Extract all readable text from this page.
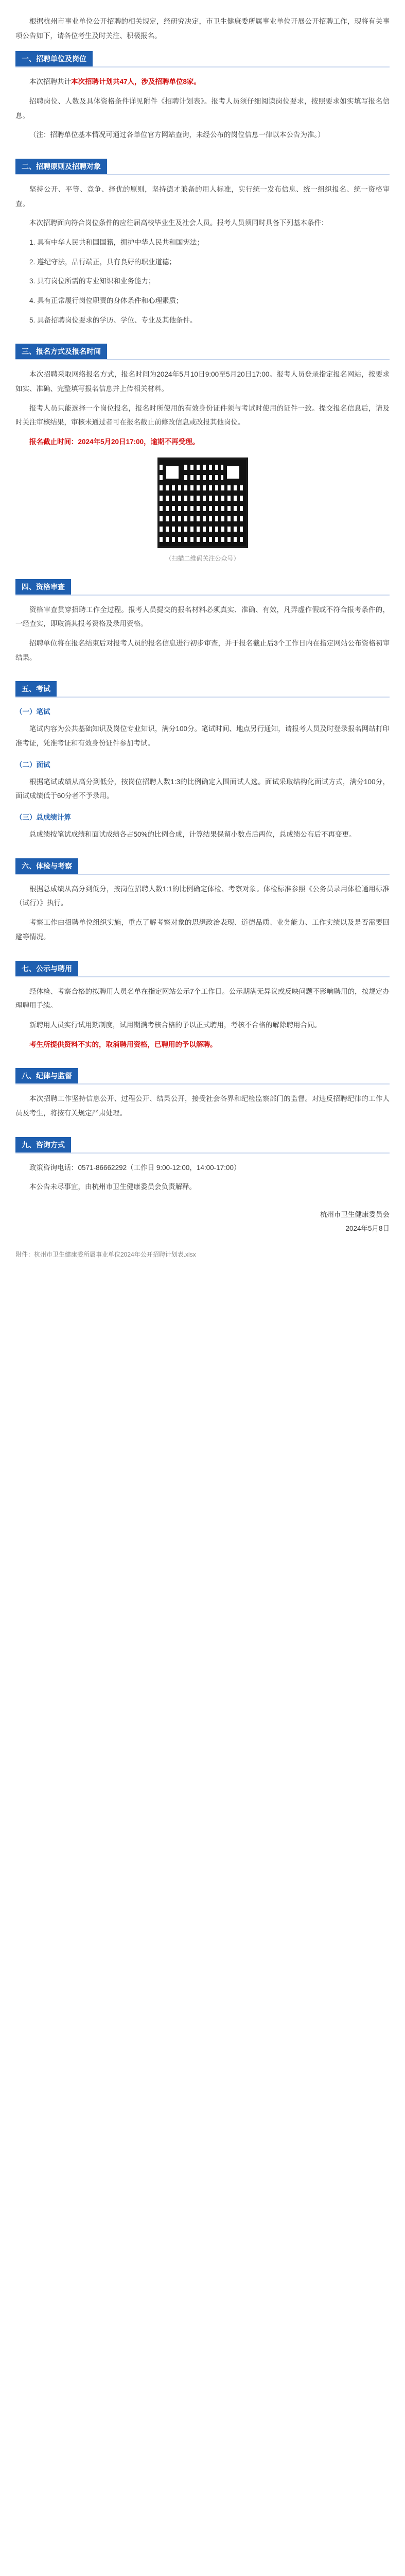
根据杭州市事业单位公开招聘的相关规定，经研究决定，市卫生健康委所属事业单位开展公开招聘工作，现将有关事项公告如下，请各位考生及时关注、积极报名。

一、招聘单位及岗位

本次招聘共计本次招聘计划共47人，涉及招聘单位8家。

招聘岗位、人数及具体资格条件详见附件《招聘计划表》。报考人员须仔细阅读岗位要求，按照要求如实填写报名信息。

（注：招聘单位基本情况可通过各单位官方网站查询，未经公布的岗位信息一律以本公告为准。）

二、招聘原则及招聘对象

坚持公开、平等、竞争、择优的原则，坚持德才兼备的用人标准，实行统一发布信息、统一组织报名、统一资格审查。

本次招聘面向符合岗位条件的应往届高校毕业生及社会人员。报考人员须同时具备下列基本条件：

1. 具有中华人民共和国国籍，拥护中华人民共和国宪法；

2. 遵纪守法，品行端正，具有良好的职业道德；

3. 具有岗位所需的专业知识和业务能力；

4. 具有正常履行岗位职责的身体条件和心理素质；

5. 具备招聘岗位要求的学历、学位、专业及其他条件。

三、报名方式及报名时间

本次招聘采取网络报名方式，报名时间为2024年5月10日9:00至5月20日17:00。报考人员登录指定报名网站，按要求如实、准确、完整填写报名信息并上传相关材料。

报考人员只能选择一个岗位报名，报名时所使用的有效身份证件须与考试时使用的证件一致。提交报名信息后，请及时关注审核结果，审核未通过者可在报名截止前修改信息或改报其他岗位。

报名截止时间：2024年5月20日17:00，逾期不再受理。

（扫描二维码关注公众号）
四、资格审查

资格审查贯穿招聘工作全过程。报考人员提交的报名材料必须真实、准确、有效，凡弄虚作假或不符合报考条件的，一经查实，即取消其报考资格及录用资格。

招聘单位将在报名结束后对报考人员的报名信息进行初步审查，并于报名截止后3个工作日内在指定网站公布资格初审结果。

五、考试
（一）笔试

笔试内容为公共基础知识及岗位专业知识，满分100分。笔试时间、地点另行通知，请报考人员及时登录报名网站打印准考证，凭准考证和有效身份证件参加考试。

（二）面试

根据笔试成绩从高分到低分，按岗位招聘人数1:3的比例确定入围面试人选。面试采取结构化面试方式，满分100分，面试成绩低于60分者不予录用。

（三）总成绩计算

总成绩按笔试成绩和面试成绩各占50%的比例合成，计算结果保留小数点后两位，总成绩公布后不再变更。

六、体检与考察

根据总成绩从高分到低分，按岗位招聘人数1:1的比例确定体检、考察对象。体检标准参照《公务员录用体检通用标准（试行）》执行。

考察工作由招聘单位组织实施，重点了解考察对象的思想政治表现、道德品质、业务能力、工作实绩以及是否需要回避等情况。

七、公示与聘用

经体检、考察合格的拟聘用人员名单在指定网站公示7个工作日。公示期满无异议或反映问题不影响聘用的，按规定办理聘用手续。

新聘用人员实行试用期制度，试用期满考核合格的予以正式聘用，考核不合格的解除聘用合同。

考生所提供资料不实的，取消聘用资格，已聘用的予以解聘。

八、纪律与监督

本次招聘工作坚持信息公开、过程公开、结果公开，接受社会各界和纪检监察部门的监督。对违反招聘纪律的工作人员及考生，将按有关规定严肃处理。

九、咨询方式

政策咨询电话：0571-86662292（工作日 9:00-12:00，14:00-17:00）

本公告未尽事宜，由杭州市卫生健康委员会负责解释。

杭州市卫生健康委员会
2024年5月8日
附件：杭州市卫生健康委所属事业单位2024年公开招聘计划表.xlsx
